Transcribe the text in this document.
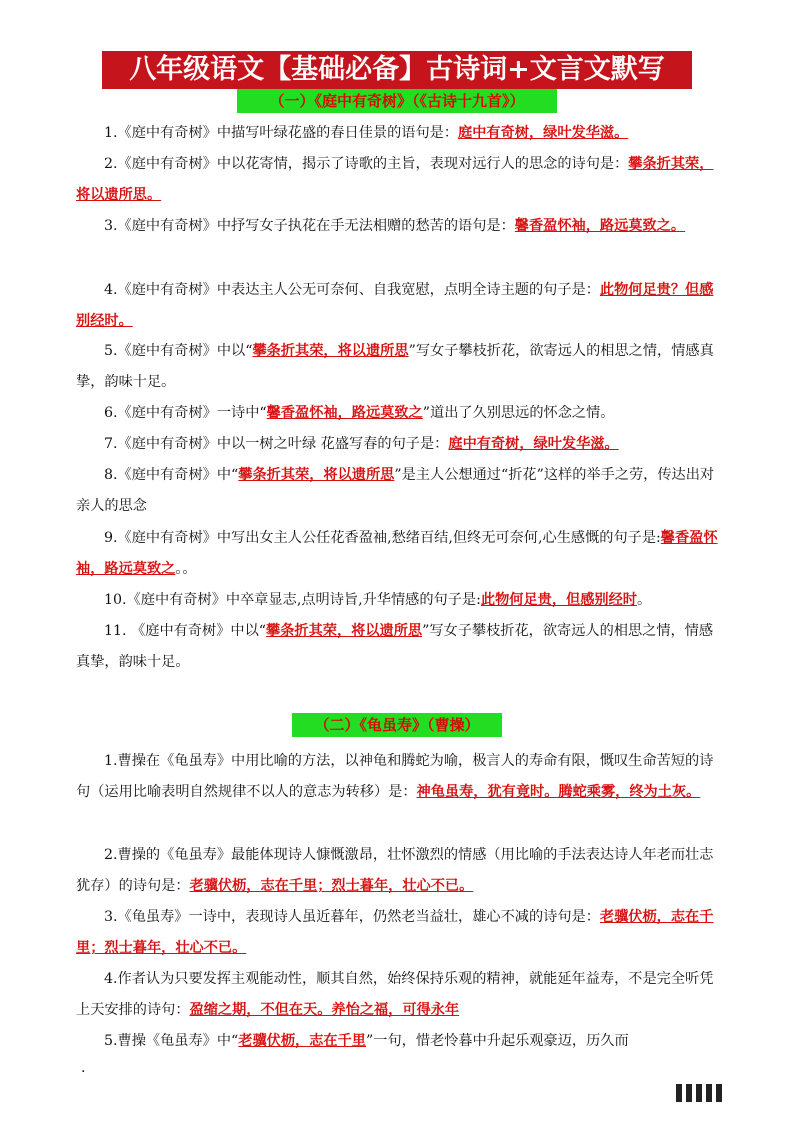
八年级语文【基础必备】古诗词+文言文默写
（一）《庭中有奇树》（《古诗十九首》）
1.《庭中有奇树》中描写叶绿花盛的春日佳景的语句是：庭中有奇树，绿叶发华滋。
2.《庭中有奇树》中以花寄情，揭示了诗歌的主旨，表现对远行人的思念的诗句是：攀条折其荣，将以遗所思。
3.《庭中有奇树》中抒写女子执花在手无法相赠的愁苦的语句是：馨香盈怀袖，路远莫致之。
4.《庭中有奇树》中表达主人公无可奈何、自我宽慰，点明全诗主题的句子是：此物何足贵？但感别经时。
5.《庭中有奇树》中以“攀条折其荣，将以遗所思”写女子攀枝折花，欲寄远人的相思之情，情感真挚，韵味十足。
6.《庭中有奇树》一诗中“馨香盈怀袖，路远莫致之”道出了久别思远的怀念之情。
7.《庭中有奇树》中以一树之叶绿 花盛写春的句子是：庭中有奇树，绿叶发华滋。
8.《庭中有奇树》中“攀条折其荣，将以遗所思”是主人公想通过“折花”这样的举手之劳，传达出对亲人的思念
9.《庭中有奇树》中写出女主人公任花香盈袖,愁绪百结,但终无可奈何,心生感慨的句子是:馨香盈怀袖，路远莫致之。。
10.《庭中有奇树》中卒章显志,点明诗旨,升华情感的句子是:此物何足贵，但感别经时。
11. 《庭中有奇树》中以“攀条折其荣，将以遗所思”写女子攀枝折花，欲寄远人的相思之情，情感真挚，韵味十足。
（二）《龟虽寿》（曹操）
1.曹操在《龟虽寿》中用比喻的方法，以神龟和腾蛇为喻，极言人的寿命有限，慨叹生命苦短的诗句（运用比喻表明自然规律不以人的意志为转移）是：神龟虽寿，犹有竟时。腾蛇乘雾，终为土灰。
2.曹操的《龟虽寿》最能体现诗人慷慨激昂，壮怀激烈的情感（用比喻的手法表达诗人年老而壮志犹存）的诗句是：老骥伏枥，志在千里；烈士暮年，壮心不已。
3.《龟虽寿》一诗中，表现诗人虽近暮年，仍然老当益壮，雄心不减的诗句是：老骥伏枥，志在千里；烈士暮年，壮心不已。
4.作者认为只要发挥主观能动性，顺其自然，始终保持乐观的精神，就能延年益寿，不是完全听凭上天安排的诗句：盈缩之期，不但在天。养怡之福，可得永年
5.曹操《龟虽寿》中“老骥伏枥，志在千里”一句，惜老怜暮中升起乐观豪迈，历久而
.
